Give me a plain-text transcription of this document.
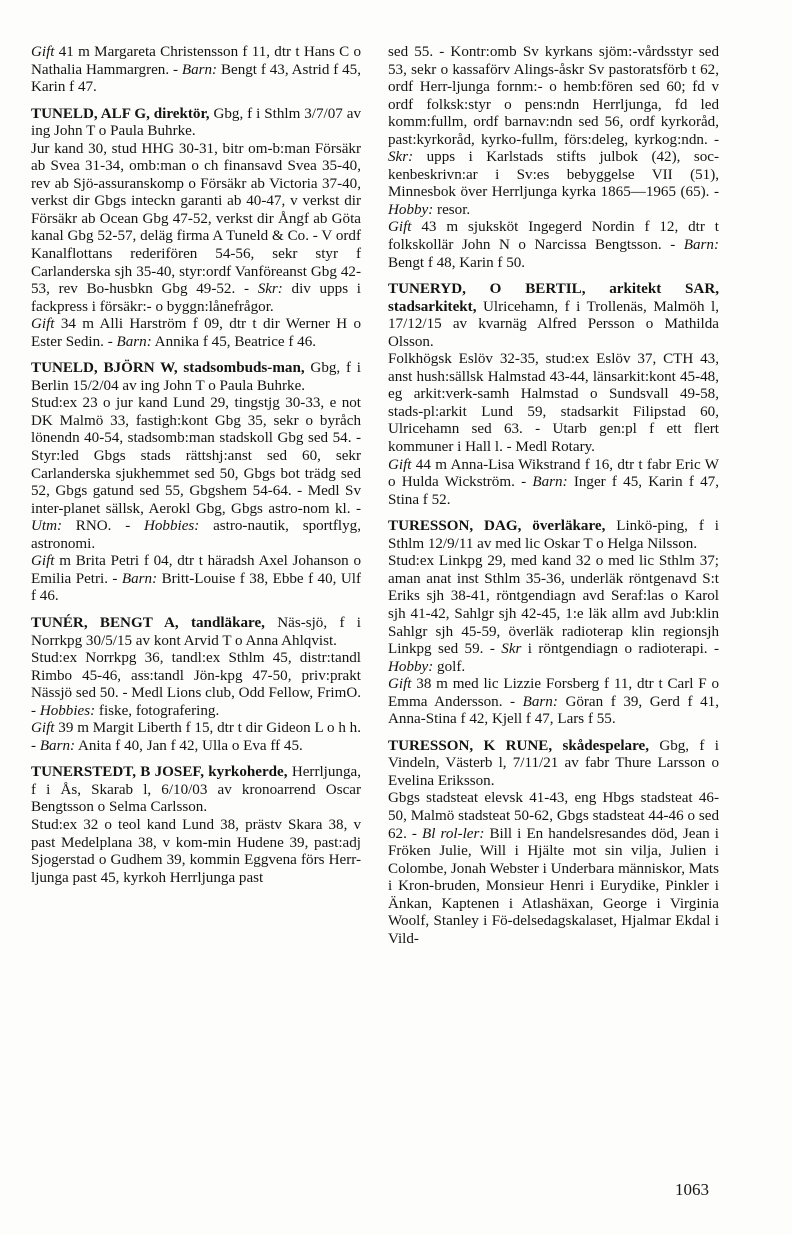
Gift 41 m Margareta Christensson f 11, dtr t Hans C o Nathalia Hammargren. - Barn: Bengt f 43, Astrid f 45, Karin f 47.

TUNELD, ALF G, direktör, Gbg, f i Sthlm 3/7/07 av ing John T o Paula Buhrke.

Jur kand 30, stud HHG 30-31, bitr om-b:man Försäkr ab Svea 31-34, omb:man o ch finansavd Svea 35-40, rev ab Sjö-assuranskomp o Försäkr ab Victoria 37-40, verkst dir Gbgs inteckn garanti ab 40-47, v verkst dir Försäkr ab Ocean Gbg 47-52, verkst dir Ångf ab Göta kanal Gbg 52-57, deläg firma A Tuneld & Co. - V ordf Kanalflottans rederifören 54-56, sekr styr f Carlanderska sjh 35-40, styr:ordf Vanföreanst Gbg 42-53, rev Bo-husbkn Gbg 49-52. - Skr: div upps i fackpress i försäkr:- o byggn:lånefrågor.

Gift 34 m Alli Harström f 09, dtr t dir Werner H o Ester Sedin. - Barn: Annika f 45, Beatrice f 46.

TUNELD, BJÖRN W, stadsombuds-man, Gbg, f i Berlin 15/2/04 av ing John T o Paula Buhrke.

Stud:ex 23 o jur kand Lund 29, tingstjg 30-33, e not DK Malmö 33, fastigh:kont Gbg 35, sekr o byråch lönendn 40-54, stadsomb:man stadskoll Gbg sed 54. - Styr:led Gbgs stads rättshj:anst sed 60, sekr Carlanderska sjukhemmet sed 50, Gbgs bot trädg sed 52, Gbgs gatund sed 55, Gbgshem 54-64. - Medl Sv inter-planet sällsk, Aerokl Gbg, Gbgs astro-nom kl. - Utm: RNO. - Hobbies: astro-nautik, sportflyg, astronomi.

Gift m Brita Petri f 04, dtr t häradsh Axel Johanson o Emilia Petri. - Barn: Britt-Louise f 38, Ebbe f 40, Ulf f 46.

TUNÉR, BENGT A, tandläkare, Näs-sjö, f i Norrkpg 30/5/15 av kont Arvid T o Anna Ahlqvist.

Stud:ex Norrkpg 36, tandl:ex Sthlm 45, distr:tandl Rimbo 45-46, ass:tandl Jön-kpg 47-50, priv:prakt Nässjö sed 50. - Medl Lions club, Odd Fellow, FrimO. - Hobbies: fiske, fotografering.

Gift 39 m Margit Liberth f 15, dtr t dir Gideon L o h h. - Barn: Anita f 40, Jan f 42, Ulla o Eva ff 45.

TUNERSTEDT, B JOSEF, kyrkoherde, Herrljunga, f i Ås, Skarab l, 6/10/03 av kronoarrend Oscar Bengtsson o Selma Carlsson.

Stud:ex 32 o teol kand Lund 38, prästv Skara 38, v past Medelplana 38, v kom-min Hudene 39, past:adj Sjogerstad o Gudhem 39, kommin Eggvena förs Herr-ljunga past 45, kyrkoh Herrljunga past

sed 55. - Kontr:omb Sv kyrkans sjöm:-vårdsstyr sed 53, sekr o kassaförv Alings-åskr Sv pastoratsförb t 62, ordf Herr-ljunga fornm:- o hemb:fören sed 60; fd v ordf folksk:styr o pens:ndn Herrljunga, fd led komm:fullm, ordf barnav:ndn sed 56, ordf kyrkoråd, past:kyrkoråd, kyrko-fullm, förs:deleg, kyrkog:ndn. - Skr: upps i Karlstads stifts julbok (42), soc-kenbeskrivn:ar i Sv:es bebyggelse VII (51), Minnesbok över Herrljunga kyrka 1865—1965 (65). - Hobby: resor.

Gift 43 m sjuksköt Ingegerd Nordin f 12, dtr t folkskollär John N o Narcissa Bengtsson. - Barn: Bengt f 48, Karin f 50.

TUNERYD, O BERTIL, arkitekt SAR, stadsarkitekt, Ulricehamn, f i Trollenäs, Malmöh l, 17/12/15 av kvarnäg Alfred Persson o Mathilda Olsson.

Folkhögsk Eslöv 32-35, stud:ex Eslöv 37, CTH 43, anst hush:sällsk Halmstad 43-44, länsarkit:kont 45-48, eg arkit:verk-samh Halmstad o Sundsvall 49-58, stads-pl:arkit Lund 59, stadsarkit Filipstad 60, Ulricehamn sed 63. - Utarb gen:pl f ett flert kommuner i Hall l. - Medl Rotary.

Gift 44 m Anna-Lisa Wikstrand f 16, dtr t fabr Eric W o Hulda Wickström. - Barn: Inger f 45, Karin f 47, Stina f 52.

TURESSON, DAG, överläkare, Linkö-ping, f i Sthlm 12/9/11 av med lic Oskar T o Helga Nilsson.

Stud:ex Linkpg 29, med kand 32 o med lic Sthlm 37; aman anat inst Sthlm 35-36, underläk röntgenavd S:t Eriks sjh 38-41, röntgendiagn avd Seraf:las o Karol sjh 41-42, Sahlgr sjh 42-45, 1:e läk allm avd Jub:klin Sahlgr sjh 45-59, överläk radioterap klin regionsjh Linkpg sed 59. - Skr i röntgendiagn o radioterapi. - Hobby: golf.

Gift 38 m med lic Lizzie Forsberg f 11, dtr t Carl F o Emma Andersson. - Barn: Göran f 39, Gerd f 41, Anna-Stina f 42, Kjell f 47, Lars f 55.

TURESSON, K RUNE, skådespelare, Gbg, f i Vindeln, Västerb l, 7/11/21 av fabr Thure Larsson o Evelina Eriksson.

Gbgs stadsteat elevsk 41-43, eng Hbgs stadsteat 46-50, Malmö stadsteat 50-62, Gbgs stadsteat 44-46 o sed 62. - Bl rol-ler: Bill i En handelsresandes död, Jean i Fröken Julie, Will i Hjälte mot sin vilja, Julien i Colombe, Jonah Webster i Underbara människor, Mats i Kron-bruden, Monsieur Henri i Eurydike, Pinkler i Änkan, Kaptenen i Atlashäxan, George i Virginia Woolf, Stanley i Fö-delsedagskalaset, Hjalmar Ekdal i Vild-

1063
